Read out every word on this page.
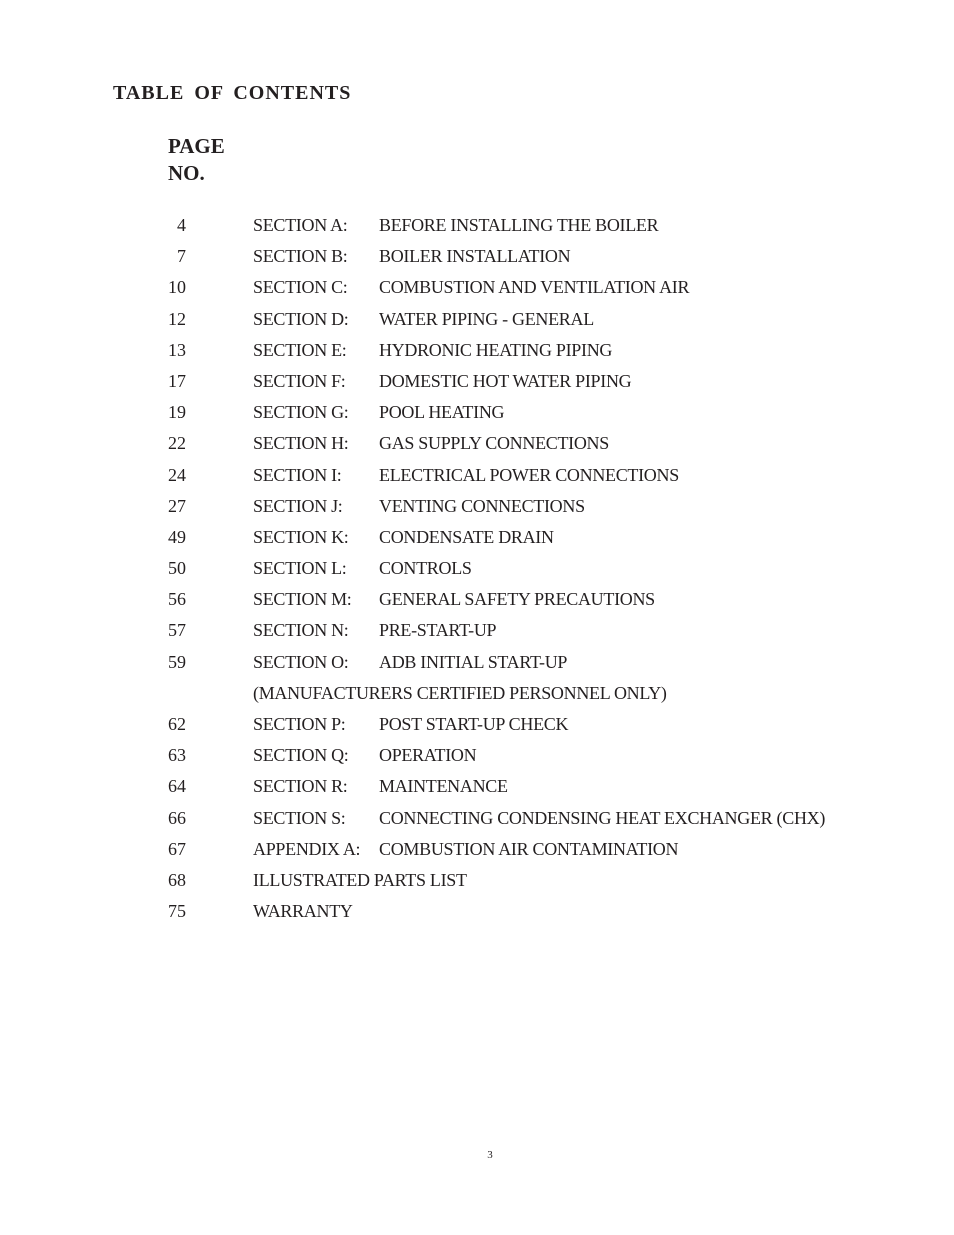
TABLE OF CONTENTS
PAGE
NO.
4	SECTION A: BEFORE INSTALLING THE BOILER
7	SECTION B: BOILER INSTALLATION
10	SECTION C: COMBUSTION AND VENTILATION AIR
12	SECTION D: WATER PIPING - GENERAL
13	SECTION E: HYDRONIC HEATING PIPING
17	SECTION F: DOMESTIC HOT WATER PIPING
19	SECTION G: POOL HEATING
22	SECTION H: GAS SUPPLY CONNECTIONS
24	SECTION I: ELECTRICAL POWER CONNECTIONS
27	SECTION J: VENTING CONNECTIONS
49	SECTION K: CONDENSATE DRAIN
50	SECTION L: CONTROLS
56	SECTION M: GENERAL SAFETY PRECAUTIONS
57	SECTION N: PRE-START-UP
59	SECTION O: ADB INITIAL START-UP
(MANUFACTURERS CERTIFIED PERSONNEL ONLY)
62	SECTION P: POST START-UP CHECK
63	SECTION Q: OPERATION
64	SECTION R: MAINTENANCE
66	SECTION S: CONNECTING CONDENSING HEAT EXCHANGER (CHX)
67	APPENDIX A: COMBUSTION AIR CONTAMINATION
68	ILLUSTRATED PARTS LIST
75	WARRANTY
3
